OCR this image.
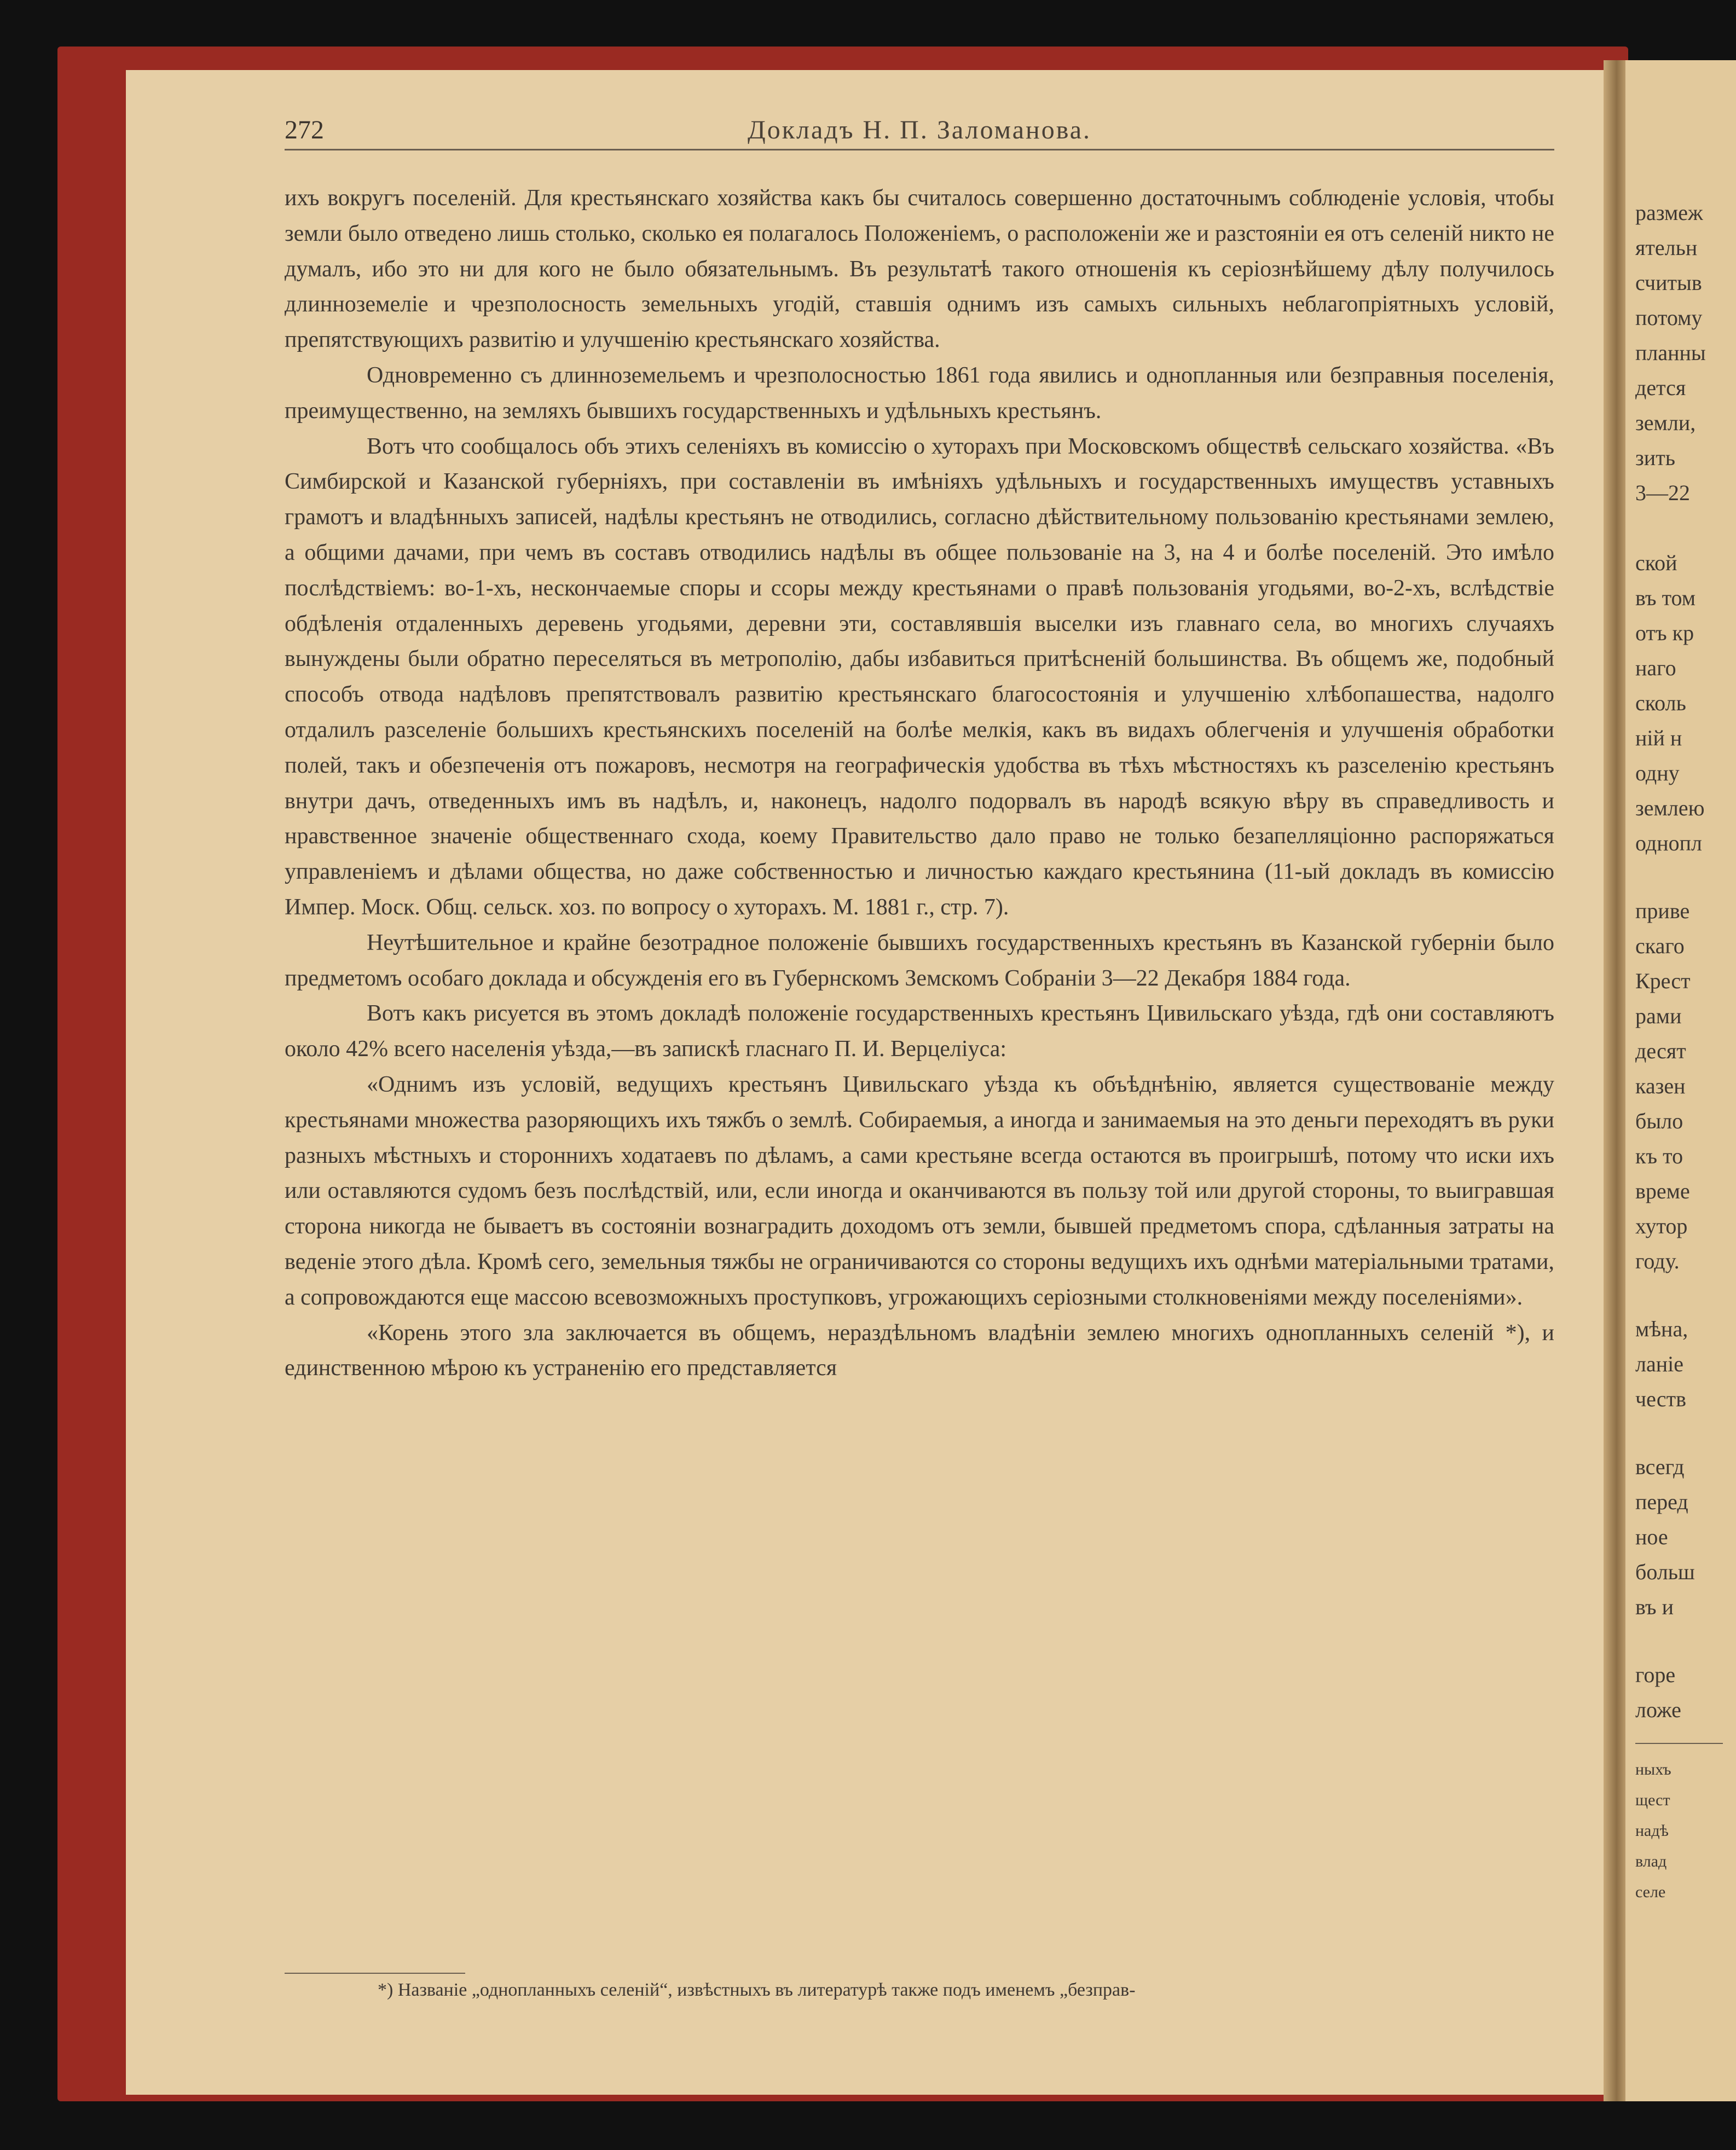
размеж
ятельн
считыв
потому
планны
дется
земли,
зить
3—22
ской
въ том
отъ кр
наго
сколь
ній н
одну
землею
однопл
приве
скаго
Крест
рами
десят
казен
было
къ то
време
хутор
году.
мѣна,
ланіе
честв
всегд
перед
ное
больш
въ и
горе
ложе
ныхъ
щест
надѣ
влад
селе
272	Докладъ Н. П. Заломанова.

ихъ вокругъ поселеній. Для крестьянскаго хозяйства какъ бы считалось совершенно достаточнымъ соблюденіе условія, чтобы земли было отведено лишь столько, сколько ея полагалось Положеніемъ, о расположеніи же и разстояніи ея отъ селеній никто не думалъ, ибо это ни для кого не было обязательнымъ. Въ результатѣ такого отношенія къ серіознѣйшему дѣлу получилось длинноземеліе и чрезполосность земельныхъ угодій, ставшія однимъ изъ самыхъ сильныхъ неблагопріятныхъ условій, препятствующихъ развитію и улучшенію крестьянскаго хозяйства.

Одновременно съ длинноземельемъ и чрезполосностью 1861 года явились и однопланныя или безправныя поселенія, преимущественно, на земляхъ бывшихъ государственныхъ и удѣльныхъ крестьянъ.

Вотъ что сообщалось объ этихъ селеніяхъ въ комиссію о хуторахъ при Московскомъ обществѣ сельскаго хозяйства. «Въ Симбирской и Казанской губерніяхъ, при составленіи въ имѣніяхъ удѣльныхъ и государственныхъ имуществъ уставныхъ грамотъ и владѣнныхъ записей, надѣлы крестьянъ не отводились, согласно дѣйствительному пользованію крестьянами землею, а общими дачами, при чемъ въ составъ отводились надѣлы въ общее пользованіе на 3, на 4 и болѣе поселеній. Это имѣло послѣдствіемъ: во-1-хъ, нескончаемые споры и ссоры между крестьянами о правѣ пользованія угодьями, во-2-хъ, вслѣдствіе обдѣленія отдаленныхъ деревень угодьями, деревни эти, составлявшія выселки изъ главнаго села, во многихъ случаяхъ вынуждены были обратно переселяться въ метрополію, дабы избавиться притѣсненій большинства. Въ общемъ же, подобный способъ отвода надѣловъ препятствовалъ развитію крестьянскаго благосостоянія и улучшенію хлѣбопашества, надолго отдалилъ разселеніе большихъ крестьянскихъ поселеній на болѣе мелкія, какъ въ видахъ облегченія и улучшенія обработки полей, такъ и обезпеченія отъ пожаровъ, несмотря на географическія удобства въ тѣхъ мѣстностяхъ къ разселенію крестьянъ внутри дачъ, отведенныхъ имъ въ надѣлъ, и, наконецъ, надолго подорвалъ въ народѣ всякую вѣру въ справедливость и нравственное значеніе общественнаго схода, коему Правительство дало право не только безапелляціонно распоряжаться управленіемъ и дѣлами общества, но даже собственностью и личностью каждаго крестьянина (11-ый докладъ въ комиссію Импер. Моск. Общ. сельск. хоз. по вопросу о хуторахъ. М. 1881 г., стр. 7).

Неутѣшительное и крайне безотрадное положеніе бывшихъ государственныхъ крестьянъ въ Казанской губерніи было предметомъ особаго доклада и обсужденія его въ Губернскомъ Земскомъ Собраніи 3—22 Декабря 1884 года.

Вотъ какъ рисуется въ этомъ докладѣ положеніе государственныхъ крестьянъ Цивильскаго уѣзда, гдѣ они составляютъ около 42% всего населенія уѣзда,—въ запискѣ гласнаго П. И. Верцеліуса:

«Однимъ изъ условій, ведущихъ крестьянъ Цивильскаго уѣзда къ объѣднѣнію, является существованіе между крестьянами множества разоряющихъ ихъ тяжбъ о землѣ. Собираемыя, а иногда и занимаемыя на это деньги переходятъ въ руки разныхъ мѣстныхъ и стороннихъ ходатаевъ по дѣламъ, а сами крестьяне всегда остаются въ проигрышѣ, потому что иски ихъ или оставляются судомъ безъ послѣдствій, или, если иногда и оканчиваются въ пользу той или другой стороны, то выигравшая сторона никогда не бываетъ въ состояніи вознаградить доходомъ отъ земли, бывшей предметомъ спора, сдѣланныя затраты на веденіе этого дѣла. Кромѣ сего, земельныя тяжбы не ограничиваются со стороны ведущихъ ихъ однѣми матеріальными тратами, а сопровождаются еще массою всевозможныхъ проступковъ, угрожающихъ серіозными столкновеніями между поселеніями».

«Корень этого зла заключается въ общемъ, нераздѣльномъ владѣніи землею многихъ однопланныхъ селеній *), и единственною мѣрою къ устраненію его представляется

*) Названіе „однопланныхъ селеній“, извѣстныхъ въ литературѣ также подъ именемъ „безправ-
